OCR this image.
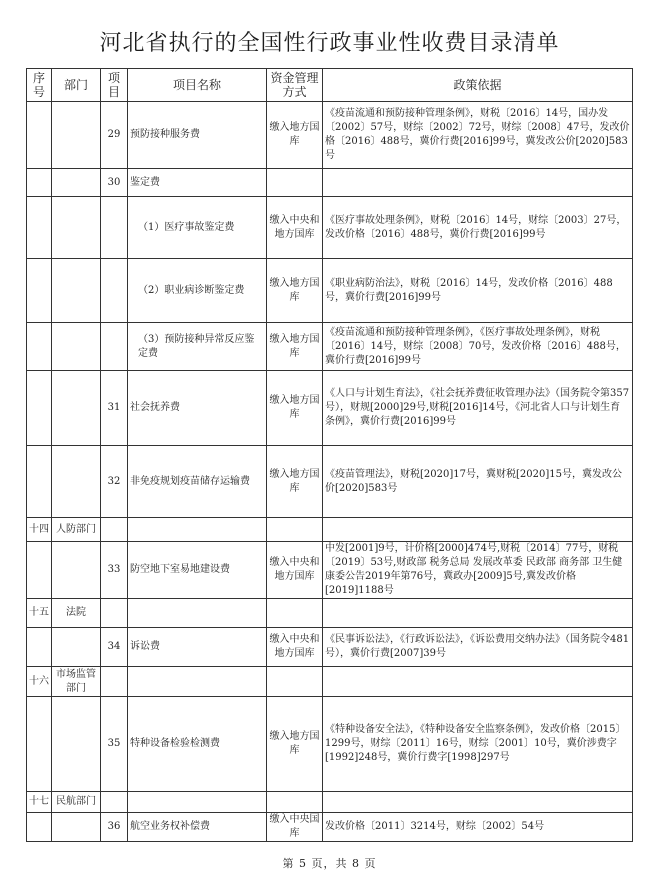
河北省执行的全国性行政事业性收费目录清单
序号	部门	项目	项目名称	资金管理方式	政策依据
		29	预防接种服务费	缴入地方国库	《疫苗流通和预防接种管理条例》，财税〔2016〕14号，国办发〔2002〕57号，财综〔2002〕72号，财综〔2008〕47号，发改价格〔2016〕488号，冀价行费[2016]99号，冀发改公价[2020]583号
		30	鉴定费		
			（1）医疗事故鉴定费	缴入中央和地方国库	《医疗事故处理条例》，财税〔2016〕14号，财综〔2003〕27号，发改价格〔2016〕488号，冀价行费[2016]99号
			（2）职业病诊断鉴定费	缴入地方国库	《职业病防治法》，财税〔2016〕14号，发改价格〔2016〕488号，冀价行费[2016]99号
			（3）预防接种异常反应鉴定费	缴入地方国库	《疫苗流通和预防接种管理条例》，《医疗事故处理条例》，财税〔2016〕14号，财综〔2008〕70号，发改价格〔2016〕488号，冀价行费[2016]99号
		31	社会抚养费	缴入地方国库	《人口与计划生育法》，《社会抚养费征收管理办法》（国务院令第357号），财规[2000]29号,财税[2016]14号，《河北省人口与计划生育条例》，冀价行费[2016]99号
		32	非免疫规划疫苗储存运输费	缴入地方国库	《疫苗管理法》，财税[2020]17号，冀财税[2020]15号，冀发改公价[2020]583号
十四	人防部门				
		33	防空地下室易地建设费	缴入中央和地方国库	中发[2001]9号，计价格[2000]474号,财税〔2014〕77号，财税〔2019〕53号,财政部 税务总局 发展改革委 民政部 商务部 卫生健康委公告2019年第76号，冀政办[2009]5号,冀发改价格[2019]1188号
十五	法院				
		34	诉讼费	缴入中央和地方国库	《民事诉讼法》，《行政诉讼法》，《诉讼费用交纳办法》（国务院令481号），冀价行费[2007]39号
十六	市场监管部门				
		35	特种设备检验检测费	缴入地方国库	《特种设备安全法》，《特种设备安全监察条例》，发改价格〔2015〕1299号，财综〔2011〕16号，财综〔2001〕10号，冀价涉费字[1992]248号，冀价行费字[1998]297号
十七	民航部门				
		36	航空业务权补偿费	缴入中央国库	发改价格〔2011〕3214号，财综〔2002〕54号
第 5 页，共 8 页
